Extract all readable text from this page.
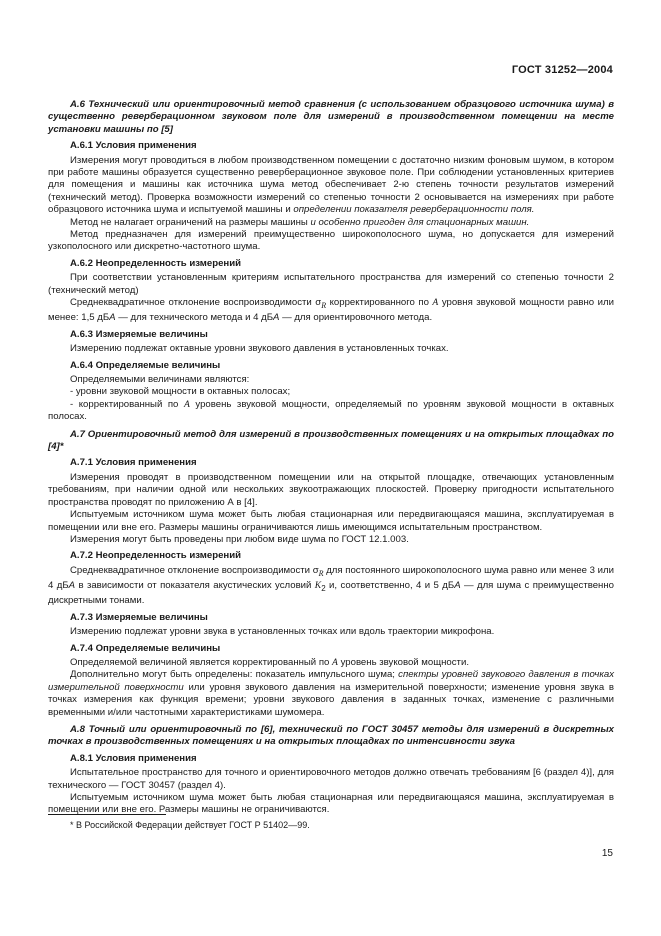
ГОСТ 31252—2004

А.6 Технический или ориентировочный метод сравнения (с использованием образцового источника шума) в существенно реверберационном звуковом поле для измерений в производственном помещении на месте установки машины по [5]

А.6.1 Условия применения

Измерения могут проводиться в любом производственном помещении с достаточно низким фоновым шумом, в котором при работе машины образуется существенно реверберационное звуковое поле. При соблюдении установленных критериев для помещения и машины как источника шума метод обеспечивает 2-ю степень точности результатов измерений (технический метод). Проверка возможности измерений со степенью точности 2 основывается на измерениях при работе образцового источника шума и испытуемой машины и определении показателя реверберационности поля.

Метод не налагает ограничений на размеры машины и особенно пригоден для стационарных машин.

Метод предназначен для измерений преимущественно широкополосного шума, но допускается для измерений узкополосного или дискретно-частотного шума.

А.6.2 Неопределенность измерений

При соответствии установленным критериям испытательного пространства для измерений со степенью точности 2 (технический метод)

Среднеквадратичное отклонение воспроизводимости $\sigma_R$ корректированного по А уровня звуковой мощности равно или менее: 1,5 дБА — для технического метода и 4 дБА — для ориентировочного метода.

А.6.3 Измеряемые величины

Измерению подлежат октавные уровни звукового давления в установленных точках.

А.6.4 Определяемые величины

Определяемыми величинами являются:

- уровни звуковой мощности в октавных полосах;

- корректированный по А уровень звуковой мощности, определяемый по уровням звуковой мощности в октавных полосах.

А.7 Ориентировочный метод для измерений в производственных помещениях и на открытых площадках по [4]*

А.7.1 Условия применения

Измерения проводят в производственном помещении или на открытой площадке, отвечающих установленным требованиям, при наличии одной или нескольких звукоотражающих плоскостей. Проверку пригодности испытательного пространства проводят по приложению А в [4].

Испытуемым источником шума может быть любая стационарная или передвигающаяся машина, эксплуатируемая в помещении или вне его. Размеры машины ограничиваются лишь имеющимся испытательным пространством.

Измерения могут быть проведены при любом виде шума по ГОСТ 12.1.003.

А.7.2 Неопределенность измерений

Среднеквадратичное отклонение воспроизводимости $\sigma_R$ для постоянного широкополосного шума равно или менее 3 или 4 дБА в зависимости от показателя акустических условий $K_2$ и, соответственно, 4 и 5 дБА — для шума с преимущественно дискретными тонами.

А.7.3 Измеряемые величины

Измерению подлежат уровни звука в установленных точках или вдоль траектории микрофона.

А.7.4 Определяемые величины

Определяемой величиной является корректированный по А уровень звуковой мощности.

Дополнительно могут быть определены: показатель импульсного шума; спектры уровней звукового давления в точках измерительной поверхности или уровня звукового давления на измерительной поверхности; изменение уровня звука в точках измерения как функция времени; уровни звукового давления в заданных точках, изменение с различными временными и/или частотными характеристиками шумомера.

А.8 Точный или ориентировочный по [6], технический по ГОСТ 30457 методы для измерений в дискретных точках в производственных помещениях и на открытых площадках по интенсивности звука

А.8.1 Условия применения

Испытательное пространство для точного и ориентировочного методов должно отвечать требованиям [6 (раздел 4)], для технического — ГОСТ 30457 (раздел 4).

Испытуемым источником шума может быть любая стационарная или передвигающаяся машина, эксплуатируемая в помещении или вне его. Размеры машины не ограничиваются.

* В Российской Федерации действует ГОСТ Р 51402—99.
15
